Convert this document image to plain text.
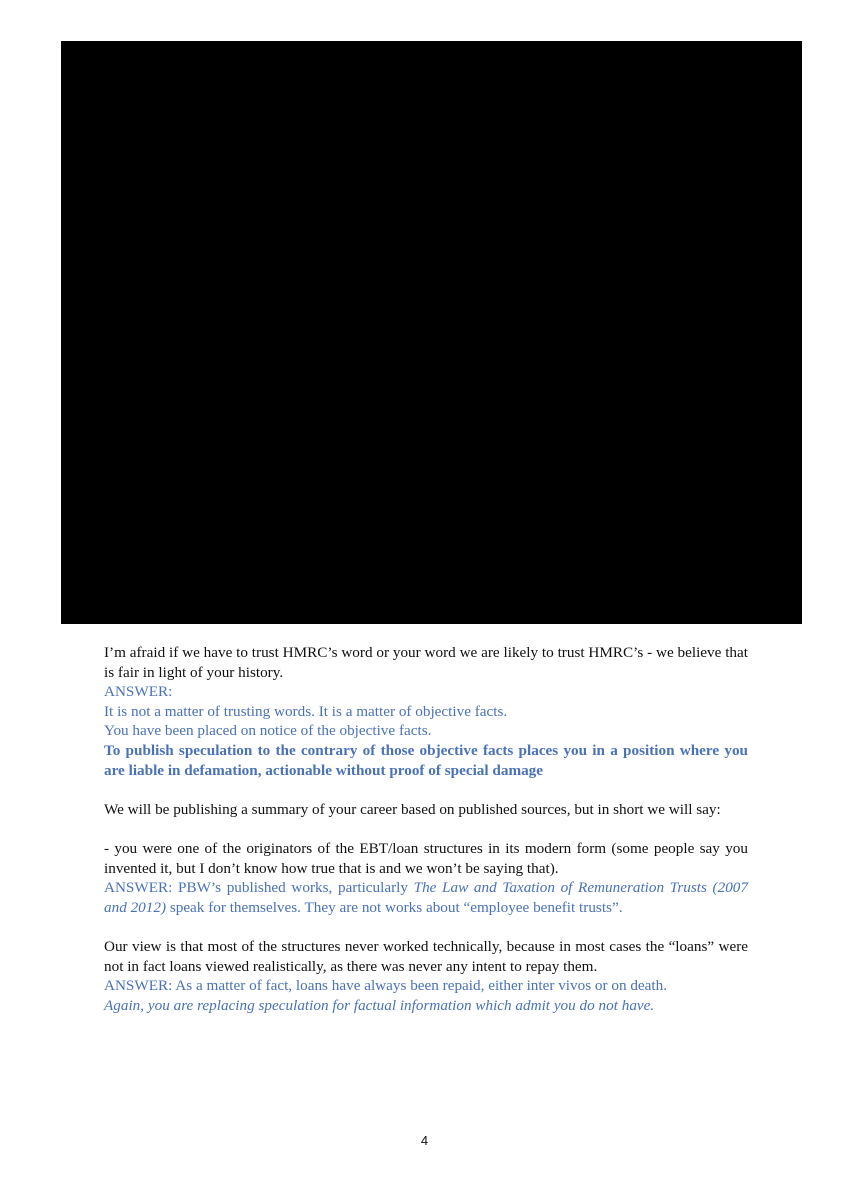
I’m afraid if we have to trust HMRC’s word or your word we are likely to trust HMRC’s - we believe that is fair in light of your history.

ANSWER:

It is not a matter of trusting words. It is a matter of objective facts.

You have been placed on notice of the objective facts.

To publish speculation to the contrary of those objective facts places you in a position where you are liable in defamation, actionable without proof of special damage

We will be publishing a summary of your career based on published sources, but in short we will say:

- you were one of the originators of the EBT/loan structures in its modern form (some people say you invented it, but I don’t know how true that is and we won’t be saying that).

ANSWER: PBW’s published works, particularly The Law and Taxation of Remuneration Trusts (2007 and 2012) speak for themselves. They are not works about “employee benefit trusts”.

Our view is that most of the structures never worked technically, because in most cases the “loans” were not in fact loans viewed realistically, as there was never any intent to repay them.

ANSWER: As a matter of fact, loans have always been repaid, either inter vivos or on death.

Again, you are replacing speculation for factual information which admit you do not have.

4
